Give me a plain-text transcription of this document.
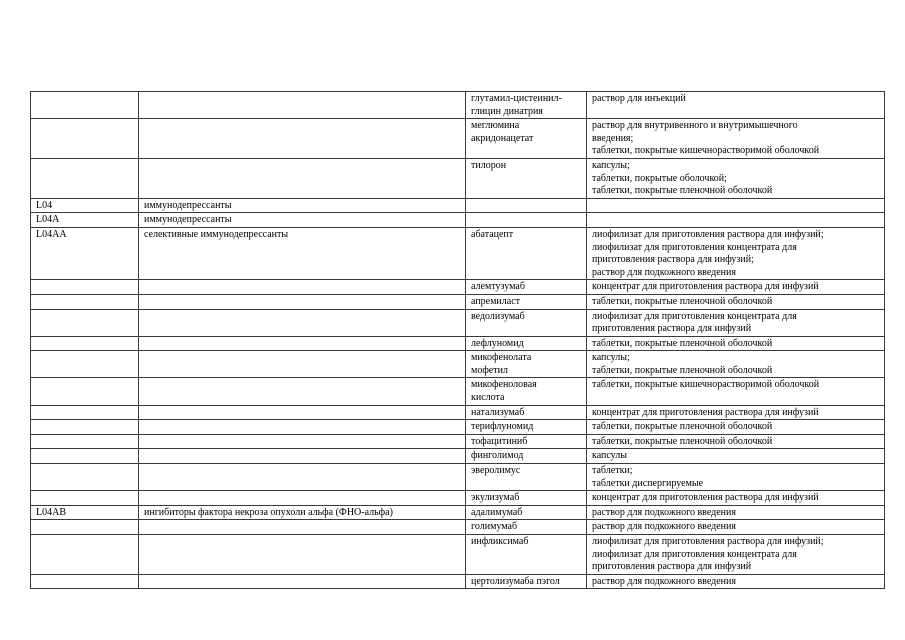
		глутамил-цистеинил-
глицин динатрия	раствор для инъекций

		меглюмина
акридонацетат	раствор для внутривенного и внутримышечного
введения;
таблетки, покрытые кишечнорастворимой оболочкой

		тилорон	капсулы;
таблетки, покрытые оболочкой;
таблетки, покрытые пленочной оболочкой

L04	иммунодепрессанты		
L04A	иммунодепрессанты		
L04AA	селективные иммунодепрессанты	абатацепт	лиофилизат для приготовления раствора для инфузий;
лиофилизат для приготовления концентрата для
приготовления раствора для инфузий;
раствор для подкожного введения

		алемтузумаб	концентрат для приготовления раствора для инфузий

		апремиласт	таблетки, покрытые пленочной оболочкой

		ведолизумаб	лиофилизат для приготовления концентрата для
приготовления раствора для инфузий

		лефлуномид	таблетки, покрытые пленочной оболочкой

		микофенолата
мофетил	капсулы;
таблетки, покрытые пленочной оболочкой

		микофеноловая
кислота	таблетки, покрытые кишечнорастворимой оболочкой

		натализумаб	концентрат для приготовления раствора для инфузий

		терифлуномид	таблетки, покрытые пленочной оболочкой

		тофацитиниб	таблетки, покрытые пленочной оболочкой

		финголимод	капсулы

		эверолимус	таблетки;
таблетки диспергируемые

		экулизумаб	концентрат для приготовления раствора для инфузий

L04AB	ингибиторы фактора некроза опухоли альфа (ФНО-альфа)	адалимумаб	раствор для подкожного введения

		голимумаб	раствор для подкожного введения

		инфликсимаб	лиофилизат для приготовления раствора для инфузий;
лиофилизат для приготовления концентрата для
приготовления раствора для инфузий

		цертолизумаба пэгол	раствор для подкожного введения
